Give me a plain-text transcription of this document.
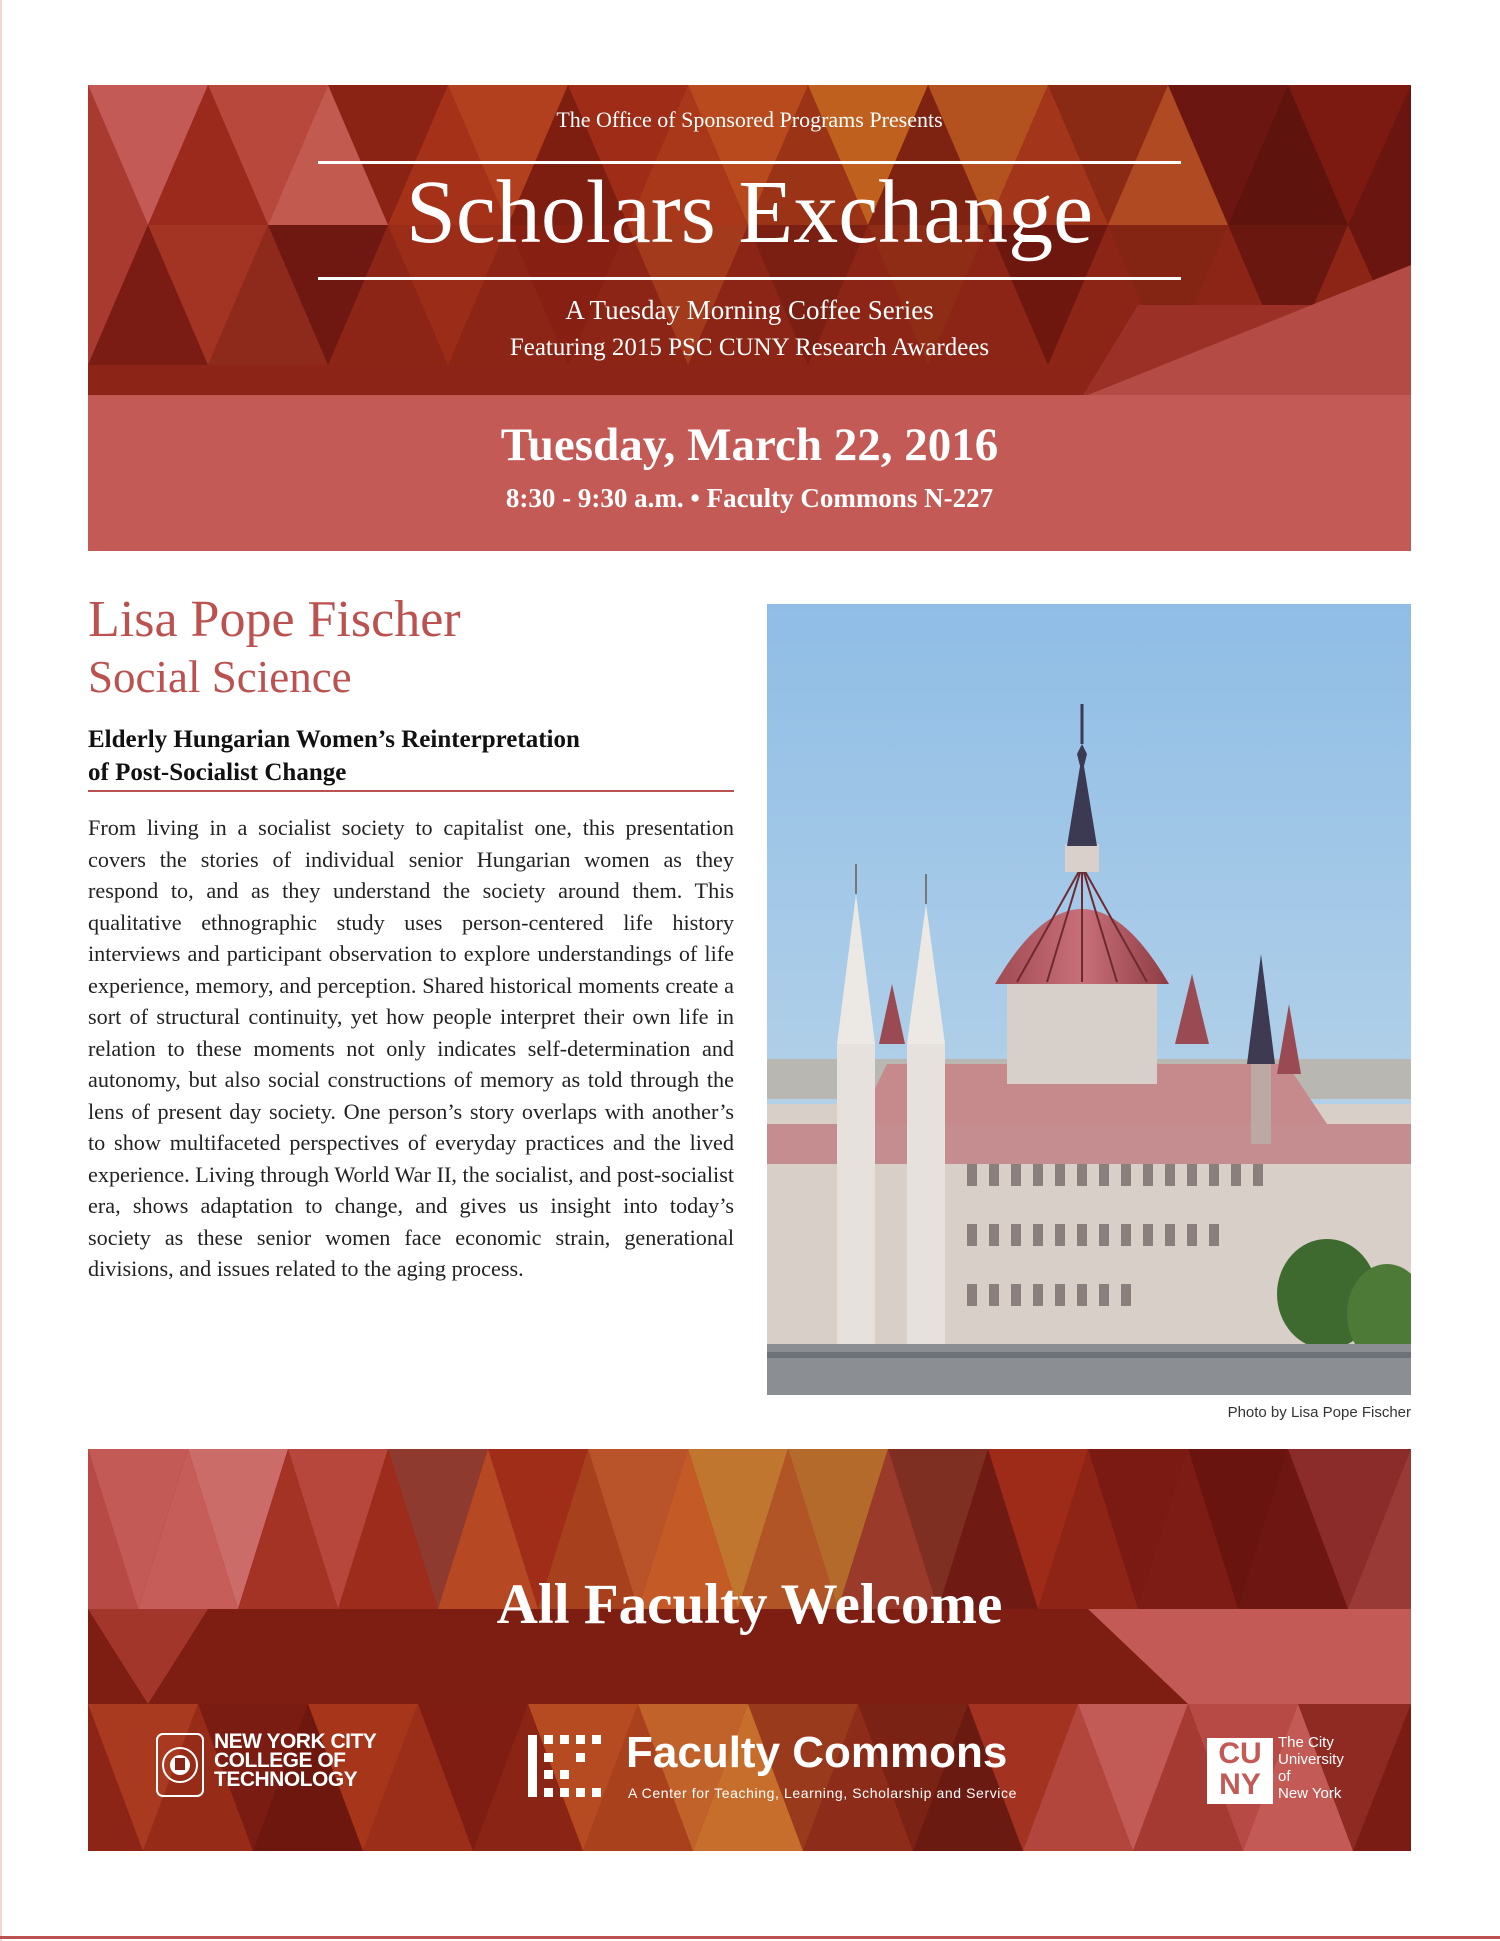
The Office of Sponsored Programs Presents
Scholars Exchange
A Tuesday Morning Coffee Series
Featuring 2015 PSC CUNY Research Awardees
Tuesday, March 22, 2016
8:30 - 9:30 a.m. • Faculty Commons N-227
Lisa Pope Fischer
Social Science
Elderly Hungarian Women’s Reinterpretation
of Post-Socialist Change
From living in a socialist society to capitalist one, this presentation covers the stories of individual senior Hungarian women as they respond to, and as they understand the society around them. This qualitative ethnographic study uses person-centered life history interviews and participant observation to explore understandings of life experience, memory, and perception. Shared historical moments create a sort of structural continuity, yet how people interpret their own life in relation to these moments not only indicates self-determination and autonomy, but also social constructions of memory as told through the lens of present day society. One person’s story overlaps with another’s to show multifaceted perspectives of everyday practices and the lived experience. Living through World War II, the socialist, and post-socialist era, shows adaptation to change, and gives us insight into today’s society as these senior women face economic strain, generational divisions, and issues related to the aging process.
Photo by Lisa Pope Fischer
All Faculty Welcome
NEW YORK CITY
COLLEGE OF
TECHNOLOGY
Faculty Commons
A Center for Teaching, Learning, Scholarship and Service
CU
NY
The City
University
of
New York
